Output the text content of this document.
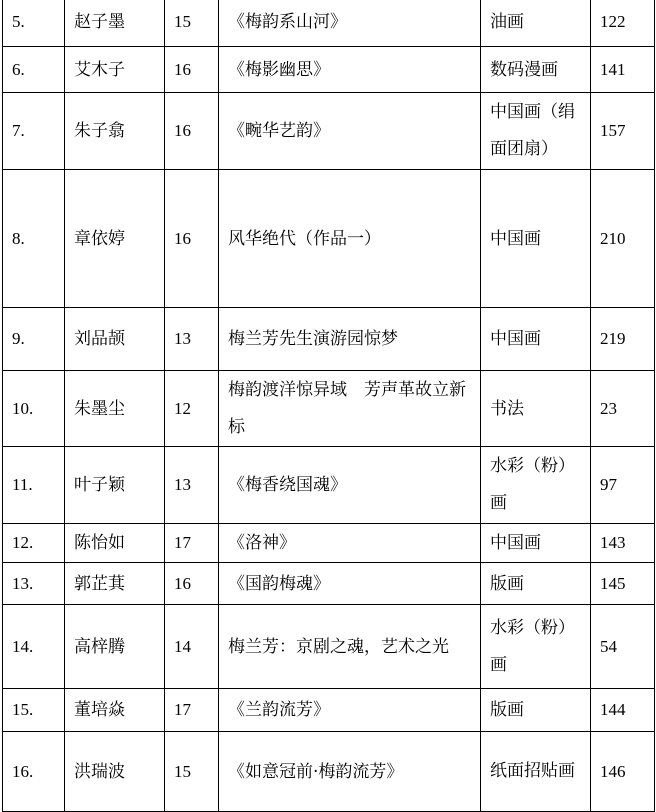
5.	赵子墨	15	《梅韵系山河》	油画	122
6.	艾木子	16	《梅影幽思》	数码漫画	141
7.	朱子翕	16	《畹华艺韵》	中国画（绢面团扇）	157
8.	章依婷	16	风华绝代（作品一）	中国画	210
9.	刘品颉	13	梅兰芳先生演游园惊梦	中国画	219
10.	朱墨尘	12	梅韵渡洋惊异域　芳声革故立新标	书法	23
11.	叶子颖	13	《梅香绕国魂》	水彩（粉）画	97
12.	陈怡如	17	《洛神》	中国画	143
13.	郭芷萁	16	《国韵梅魂》	版画	145
14.	高梓腾	14	梅兰芳：京剧之魂，艺术之光	水彩（粉）画	54
15.	董培焱	17	《兰韵流芳》	版画	144
16.	洪瑞波	15	《如意冠前·梅韵流芳》	纸面招贴画	146
